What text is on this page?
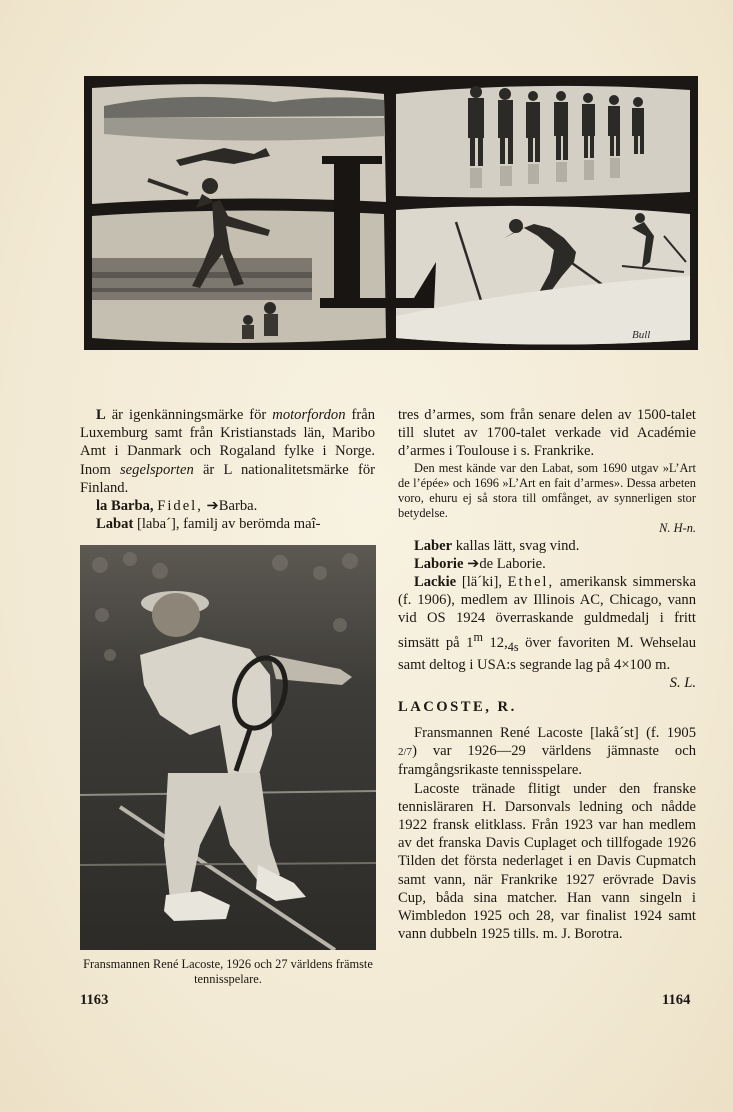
Bull

L är igenkänningsmärke för motorfordon från Luxemburg samt från Kristianstads län, Maribo Amt i Danmark och Rogaland fylke i Norge. Inom segelsporten är L nationalitetsmärke för Finland.

la Barba, Fidel, ➔Barba.

Labat [laba´], familj av berömda maî-

Fransmannen René Lacoste, 1926 och 27 världens främste tennisspelare.
1163

tres d’armes, som från senare delen av 1500-talet till slutet av 1700-talet verkade vid Académie d’armes i Toulouse i s. Frankrike.

Den mest kände var den Labat, som 1690 utgav »L’Art de l’épée» och 1696 »L’Art en fait d’armes». Dessa arbeten voro, ehuru ej så stora till omfånget, av synnerligen stor betydelse.

N. H-n.

Laber kallas lätt, svag vind.

Laborie ➔de Laborie.

Lackie [lä´ki], Ethel, amerikansk simmerska (f. 1906), medlem av Illinois AC, Chicago, vann vid OS 1924 överraskande guldmedalj i fritt simsätt på 1$^m$ $12,_{4s}$ över favoriten M. Wehselau samt deltog i USA:s segrande lag på 4×100 m.
S. L.

LACOSTE, R.

Fransmannen René Lacoste [lakå´st] (f. 1905 2/7) var 1926—29 världens jämnaste och framgångsrikaste tennisspelare.

Lacoste tränade flitigt under den franske tennisläraren H. Darsonvals ledning och nådde 1922 fransk elitklass. Från 1923 var han medlem av det franska Davis Cuplaget och tillfogade 1926 Tilden det första nederlaget i en Davis Cupmatch samt vann, när Frankrike 1927 erövrade Davis Cup, båda sina matcher. Han vann singeln i Wimbledon 1925 och 28, var finalist 1924 samt vann dubbeln 1925 tills. m. J. Borotra.

1164
